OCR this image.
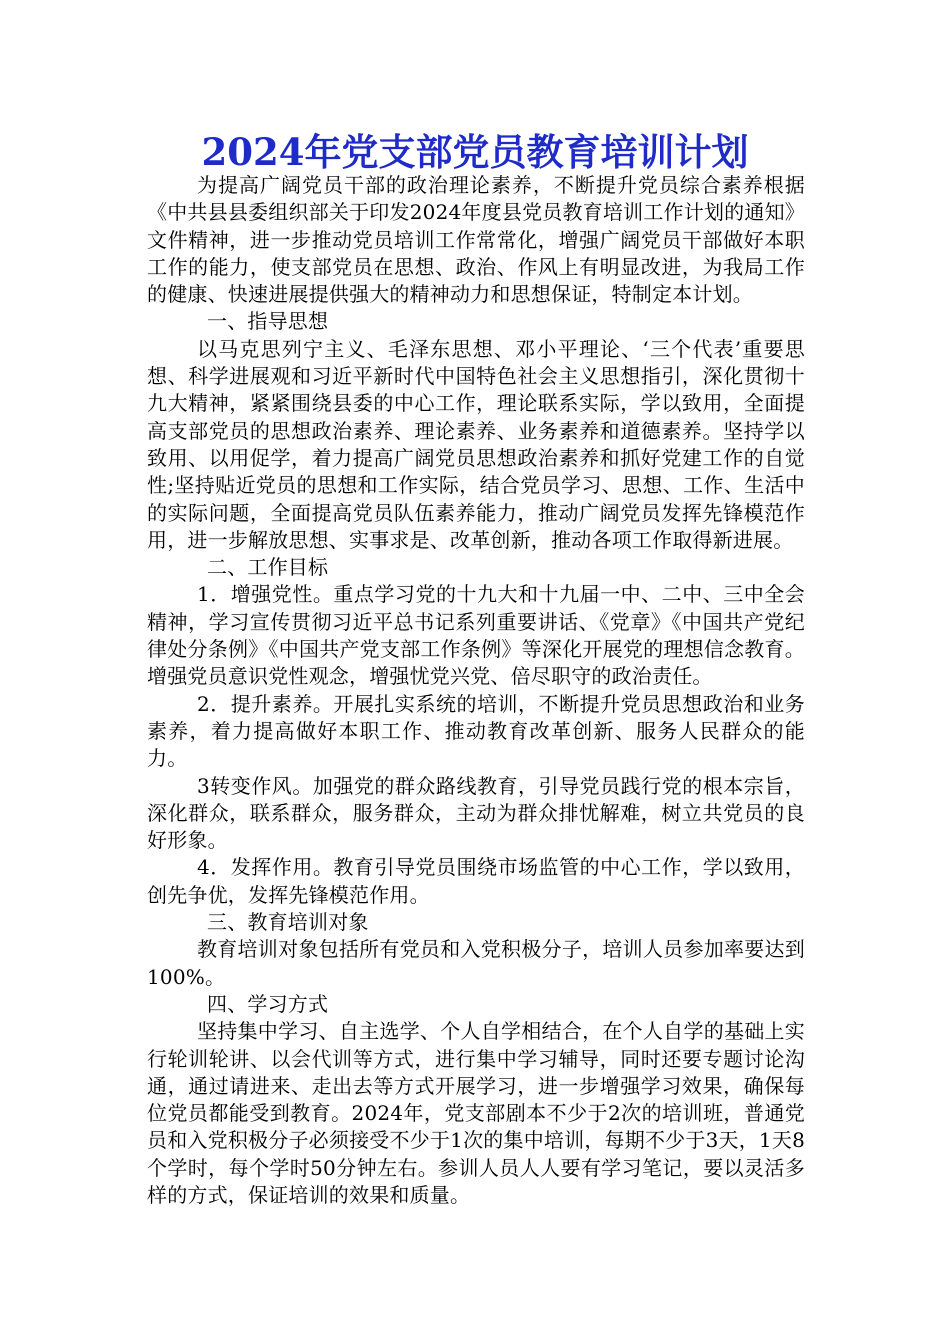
2024年党支部党员教育培训计划

为提高广阔党员干部的政治理论素养，不断提升党员综合素养根据《中共县县委组织部关于印发2024年度县党员教育培训工作计划的通知》文件精神，进一步推动党员培训工作常常化，增强广阔党员干部做好本职工作的能力，使支部党员在思想、政治、作风上有明显改进，为我局工作的健康、快速进展提供强大的精神动力和思想保证，特制定本计划。

一、指导思想

以马克思列宁主义、毛泽东思想、邓小平理论、‘三个代表’重要思想、科学进展观和习近平新时代中国特色社会主义思想指引，深化贯彻十九大精神，紧紧围绕县委的中心工作，理论联系实际，学以致用，全面提高支部党员的思想政治素养、理论素养、业务素养和道德素养。坚持学以致用、以用促学，着力提高广阔党员思想政治素养和抓好党建工作的自觉性;坚持贴近党员的思想和工作实际，结合党员学习、思想、工作、生活中的实际问题，全面提高党员队伍素养能力，推动广阔党员发挥先锋模范作用，进一步解放思想、实事求是、改革创新，推动各项工作取得新进展。

二、工作目标

1．增强党性。重点学习党的十九大和十九届一中、二中、三中全会精神，学习宣传贯彻习近平总书记系列重要讲话、《党章》《中国共产党纪律处分条例》《中国共产党支部工作条例》等深化开展党的理想信念教育。增强党员意识党性观念，增强忧党兴党、倍尽职守的政治责任。

2．提升素养。开展扎实系统的培训，不断提升党员思想政治和业务素养，着力提高做好本职工作、推动教育改革创新、服务人民群众的能力。

3转变作风。加强党的群众路线教育，引导党员践行党的根本宗旨，深化群众，联系群众，服务群众，主动为群众排忧解难，树立共党员的良好形象。

4．发挥作用。教育引导党员围绕市场监管的中心工作，学以致用，创先争优，发挥先锋模范作用。

三、教育培训对象

教育培训对象包括所有党员和入党积极分子，培训人员参加率要达到100%。

四、学习方式

坚持集中学习、自主选学、个人自学相结合，在个人自学的基础上实行轮训轮讲、以会代训等方式，进行集中学习辅导，同时还要专题讨论沟通，通过请进来、走出去等方式开展学习，进一步增强学习效果，确保每位党员都能受到教育。2024年，党支部剧本不少于2次的培训班，普通党员和入党积极分子必须接受不少于1次的集中培训，每期不少于3天，1天8个学时，每个学时50分钟左右。参训人员人人要有学习笔记，要以灵活多样的方式，保证培训的效果和质量。
